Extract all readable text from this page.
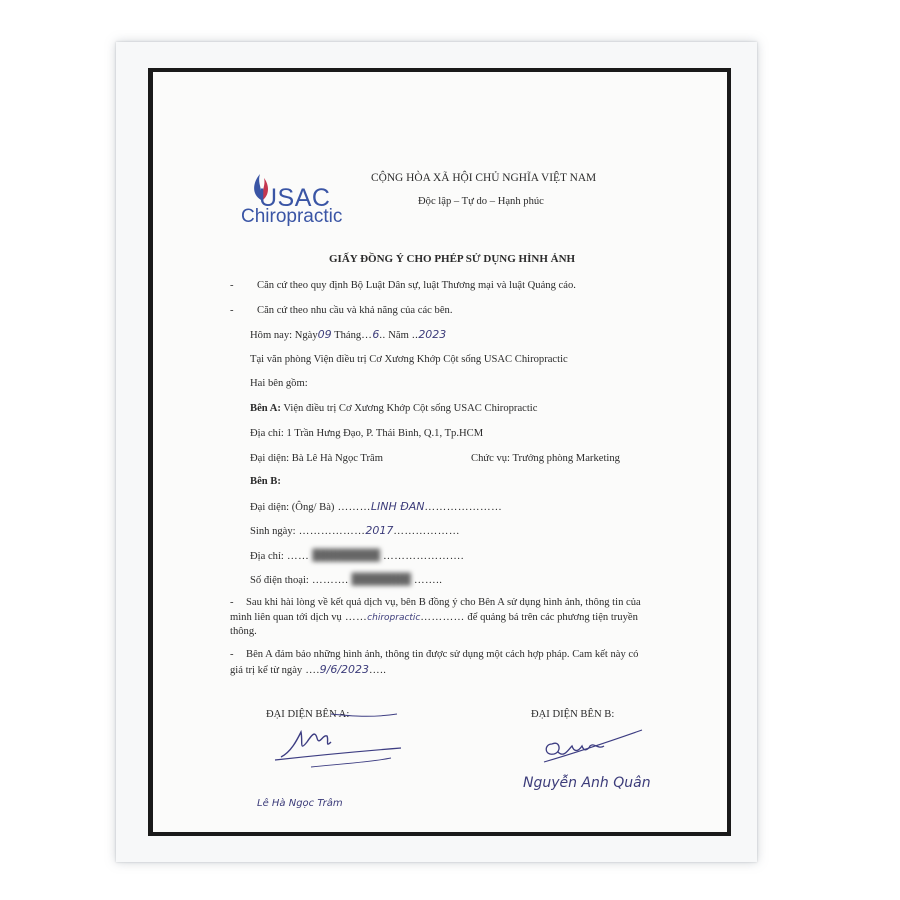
USAC
Chiropractic
CỘNG HÒA XÃ HỘI CHỦ NGHĨA VIỆT NAM
Độc lập – Tự do – Hạnh phúc
GIẤY ĐỒNG Ý CHO PHÉP SỬ DỤNG HÌNH ẢNH
- Căn cứ theo quy định Bộ Luật Dân sự, luật Thương mại và luật Quảng cáo.
- Căn cứ theo nhu cầu và khả năng của các bên.
Hôm nay: Ngày09 Tháng…6.. Năm ..2023
Tại văn phòng Viện điều trị Cơ Xương Khớp Cột sống USAC Chiropractic
Hai bên gồm:
Bên A: Viện điều trị Cơ Xương Khớp Cột sống USAC Chiropractic
Địa chỉ: 1 Trần Hưng Đạo, P. Thái Bình, Q.1, Tp.HCM
Đại diện: Bà Lê Hà Ngọc Trâm	Chức vụ: Trưởng phòng Marketing
Bên B:
Đại diện: (Ông/ Bà) ………LINH ĐAN…………………
Sinh ngày: ………………2017………………
Địa chỉ: …… ████████ ………………….
Số điện thoại: ………. ███████ ……..
- Sau khi hài lòng về kết quả dịch vụ, bên B đồng ý cho Bên A sử dụng hình ảnh, thông tin của
mình liên quan tới dịch vụ ……chiropractic………… để quảng bá trên các phương tiện truyền
thông.
- Bên A đảm bảo những hình ảnh, thông tin được sử dụng một cách hợp pháp. Cam kết này có
giá trị kể từ ngày ….9/6/2023…..
ĐẠI DIỆN BÊN A:	ĐẠI DIỆN BÊN B:
Lê Hà Ngọc Trâm
Nguyễn Anh Quân
